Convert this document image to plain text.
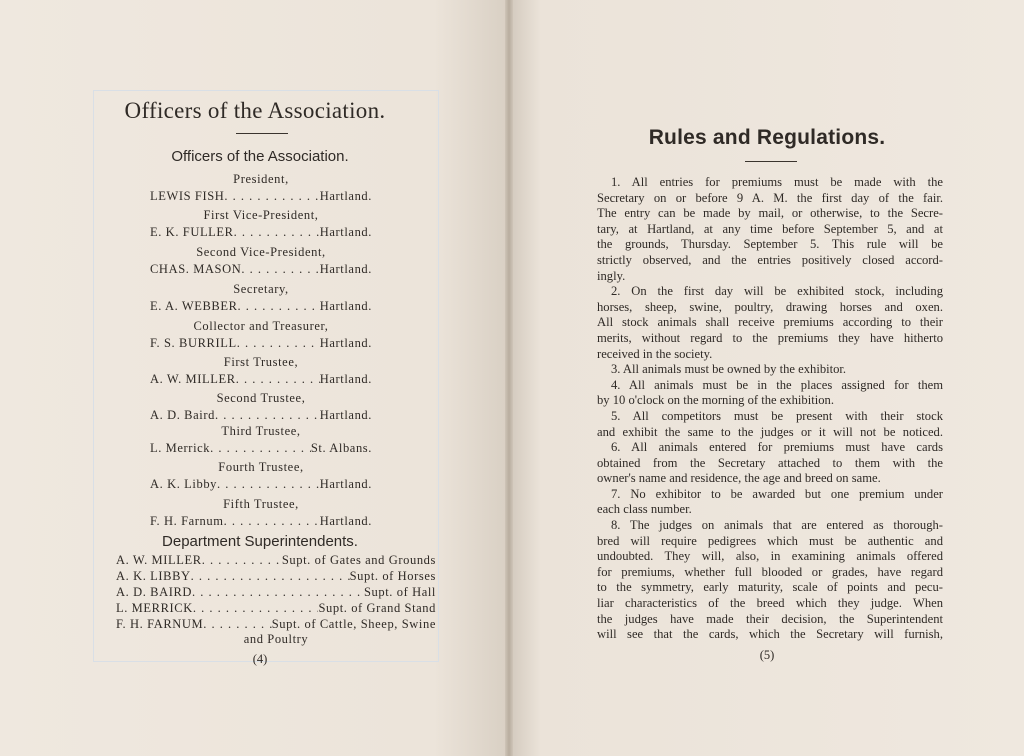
Officers of the Association.
Officers of the Association.
President,
LEWIS FISH . . .	Hartland.
First Vice-President,
E. K. FULLER . . .	Hartland.
Second Vice-President,
CHAS. MASON . . .	Hartland.
Secretary,
E. A. WEBBER . . .	Hartland.
Collector and Treasurer,
F. S. BURRILL . . .	Hartland.
First Trustee,
A. W. MILLER . . .	Hartland.
Second Trustee,
A. D. Baird . . .	Hartland.
Third Trustee,
L. Merrick . . .	St. Albans.
Fourth Trustee,
A. K. Libby . . .	Hartland.
Fifth Trustee,
F. H. Farnum . . .	Hartland.
Department Superintendents.
A. W. MILLER . . .	Supt. of Gates and Grounds
A. K. LIBBY . . .	Supt. of Horses
A. D. BAIRD . . .	Supt. of Hall
L. MERRICK . . .	Supt. of Grand Stand
F. H. FARNUM . . .	Supt. of Cattle, Sheep, Swine
and Poultry
(4)
Rules and Regulations.
1. All entries for premiums must be made with the
Secretary on or before 9 A. M. the first day of the fair.
The entry can be made by mail, or otherwise, to the Secre-
tary, at Hartland, at any time before September 5, and at
the grounds, Thursday. September 5. This rule will be
strictly observed, and the entries positively closed accord-
ingly.
2. On the first day will be exhibited stock, including
horses, sheep, swine, poultry, drawing horses and oxen.
All stock animals shall receive premiums according to their
merits, without regard to the premiums they have hitherto
received in the society.
3. All animals must be owned by the exhibitor.
4. All animals must be in the places assigned for them
by 10 o'clock on the morning of the exhibition.
5. All competitors must be present with their stock
and exhibit the same to the judges or it will not be noticed.
6. All animals entered for premiums must have cards
obtained from the Secretary attached to them with the
owner's name and residence, the age and breed on same.
7. No exhibitor to be awarded but one premium under
each class number.
8. The judges on animals that are entered as thorough-
bred will require pedigrees which must be authentic and
undoubted. They will, also, in examining animals offered
for premiums, whether full blooded or grades, have regard
to the symmetry, early maturity, scale of points and pecu-
liar characteristics of the breed which they judge. When
the judges have made their decision, the Superintendent
will see that the cards, which the Secretary will furnish,
(5)
